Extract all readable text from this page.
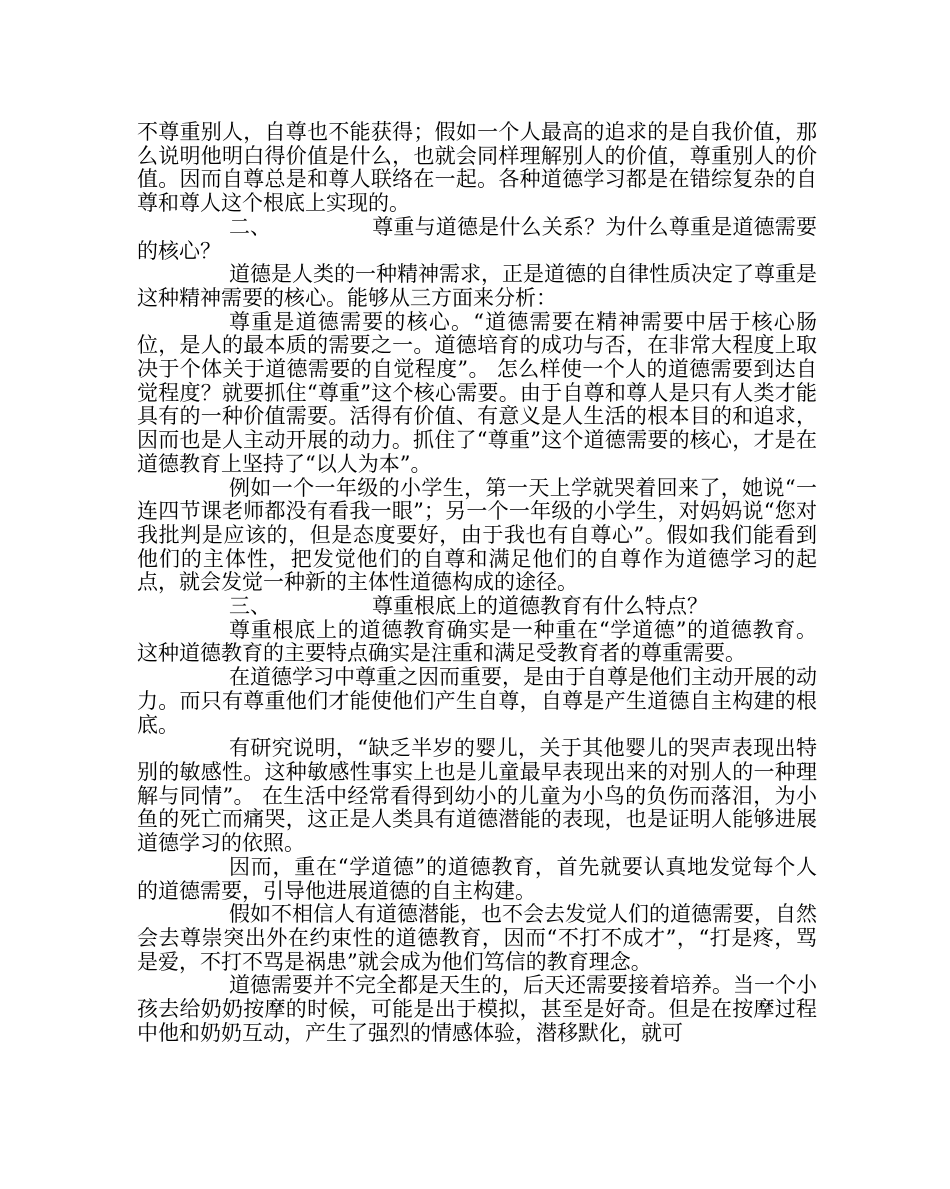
不尊重别人，自尊也不能获得；假如一个人最高的追求的是自我价值，那么说明他明白得价值是什么，也就会同样理解别人的价值，尊重别人的价值。因而自尊总是和尊人联络在一起。各种道德学习都是在错综复杂的自尊和尊人这个根底上实现的。

二、	尊重与道德是什么关系？为什么尊重是道德需要的核心？

道德是人类的一种精神需求，正是道德的自律性质决定了尊重是这种精神需要的核心。能够从三方面来分析：

尊重是道德需要的核心。“道德需要在精神需要中居于核心肠位，是人的最本质的需要之一。道德培育的成功与否，在非常大程度上取决于个体关于道德需要的自觉程度”。 怎么样使一个人的道德需要到达自觉程度？就要抓住“尊重”这个核心需要。由于自尊和尊人是只有人类才能具有的一种价值需要。活得有价值、有意义是人生活的根本目的和追求，因而也是人主动开展的动力。抓住了“尊重”这个道德需要的核心，才是在道德教育上坚持了“以人为本”。

例如一个一年级的小学生，第一天上学就哭着回来了，她说“一连四节课老师都没有看我一眼”；另一个一年级的小学生，对妈妈说“您对我批判是应该的，但是态度要好，由于我也有自尊心”。假如我们能看到他们的主体性，把发觉他们的自尊和满足他们的自尊作为道德学习的起点，就会发觉一种新的主体性道德构成的途径。

三、	尊重根底上的道德教育有什么特点？

尊重根底上的道德教育确实是一种重在“学道德”的道德教育。这种道德教育的主要特点确实是注重和满足受教育者的尊重需要。

在道德学习中尊重之因而重要，是由于自尊是他们主动开展的动力。而只有尊重他们才能使他们产生自尊，自尊是产生道德自主构建的根底。

有研究说明，“缺乏半岁的婴儿，关于其他婴儿的哭声表现出特别的敏感性。这种敏感性事实上也是儿童最早表现出来的对别人的一种理解与同情”。 在生活中经常看得到幼小的儿童为小鸟的负伤而落泪，为小鱼的死亡而痛哭，这正是人类具有道德潜能的表现，也是证明人能够进展道德学习的依照。

因而，重在“学道德”的道德教育，首先就要认真地发觉每个人的道德需要，引导他进展道德的自主构建。

假如不相信人有道德潜能，也不会去发觉人们的道德需要，自然会去尊崇突出外在约束性的道德教育，因而“不打不成才”，“打是疼，骂是爱，不打不骂是祸患”就会成为他们笃信的教育理念。

道德需要并不完全都是天生的，后天还需要接着培养。当一个小孩去给奶奶按摩的时候，可能是出于模拟，甚至是好奇。但是在按摩过程中他和奶奶互动，产生了强烈的情感体验，潜移默化，就可
